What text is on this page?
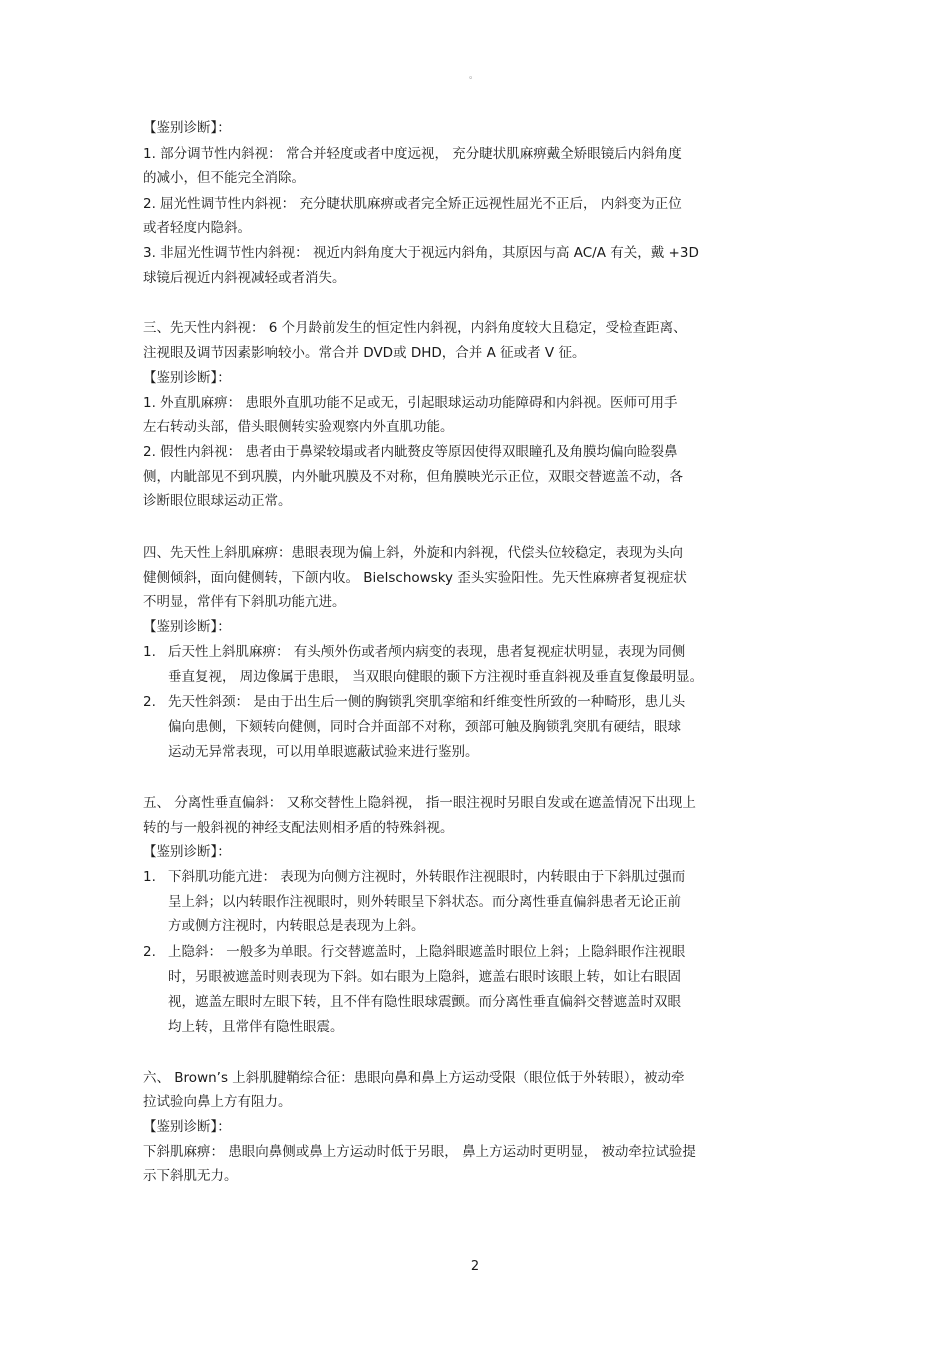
。
【鉴别诊断】：
1. 部分调节性内斜视： 常合并轻度或者中度远视， 充分睫状肌麻痹戴全矫眼镜后内斜角度
的减小，但不能完全消除。
2. 屈光性调节性内斜视： 充分睫状肌麻痹或者完全矫正远视性屈光不正后， 内斜变为正位
或者轻度内隐斜。
3. 非屈光性调节性内斜视： 视近内斜角度大于视远内斜角，其原因与高 AC/A 有关，戴 +3D
球镜后视近内斜视减轻或者消失。
三、先天性内斜视： 6 个月龄前发生的恒定性内斜视，内斜角度较大且稳定，受检查距离、
注视眼及调节因素影响较小。常合并 DVD或 DHD，合并 A 征或者 V 征。
【鉴别诊断】：
1. 外直肌麻痹： 患眼外直肌功能不足或无，引起眼球运动功能障碍和内斜视。医师可用手
左右转动头部，借头眼侧转实验观察内外直肌功能。
2. 假性内斜视： 患者由于鼻梁较塌或者内眦赘皮等原因使得双眼瞳孔及角膜均偏向睑裂鼻
侧，内眦部见不到巩膜，内外眦巩膜及不对称，但角膜映光示正位，双眼交替遮盖不动，各
诊断眼位眼球运动正常。
四、先天性上斜肌麻痹：患眼表现为偏上斜，外旋和内斜视，代偿头位较稳定，表现为头向
健侧倾斜，面向健侧转，下颌内收。 Bielschowsky 歪头实验阳性。先天性麻痹者复视症状
不明显，常伴有下斜肌功能亢进。
【鉴别诊断】：
1. 后天性上斜肌麻痹： 有头颅外伤或者颅内病变的表现，患者复视症状明显，表现为同侧
垂直复视， 周边像属于患眼， 当双眼向健眼的颞下方注视时垂直斜视及垂直复像最明显。
2. 先天性斜颈： 是由于出生后一侧的胸锁乳突肌挛缩和纤维变性所致的一种畸形，患儿头
偏向患侧，下颏转向健侧，同时合并面部不对称，颈部可触及胸锁乳突肌有硬结，眼球
运动无异常表现，可以用单眼遮蔽试验来进行鉴别。
五、 分离性垂直偏斜： 又称交替性上隐斜视， 指一眼注视时另眼自发或在遮盖情况下出现上
转的与一般斜视的神经支配法则相矛盾的特殊斜视。
【鉴别诊断】：
1. 下斜肌功能亢进： 表现为向侧方注视时，外转眼作注视眼时，内转眼由于下斜肌过强而
呈上斜；以内转眼作注视眼时，则外转眼呈下斜状态。而分离性垂直偏斜患者无论正前
方或侧方注视时，内转眼总是表现为上斜。
2. 上隐斜： 一般多为单眼。行交替遮盖时，上隐斜眼遮盖时眼位上斜；上隐斜眼作注视眼
时，另眼被遮盖时则表现为下斜。如右眼为上隐斜，遮盖右眼时该眼上转，如让右眼固
视，遮盖左眼时左眼下转，且不伴有隐性眼球震颤。而分离性垂直偏斜交替遮盖时双眼
均上转，且常伴有隐性眼震。
六、 Brown’s 上斜肌腱鞘综合征：患眼向鼻和鼻上方运动受限（眼位低于外转眼），被动牵
拉试验向鼻上方有阻力。
【鉴别诊断】：
下斜肌麻痹： 患眼向鼻侧或鼻上方运动时低于另眼， 鼻上方运动时更明显， 被动牵拉试验提
示下斜肌无力。
2
